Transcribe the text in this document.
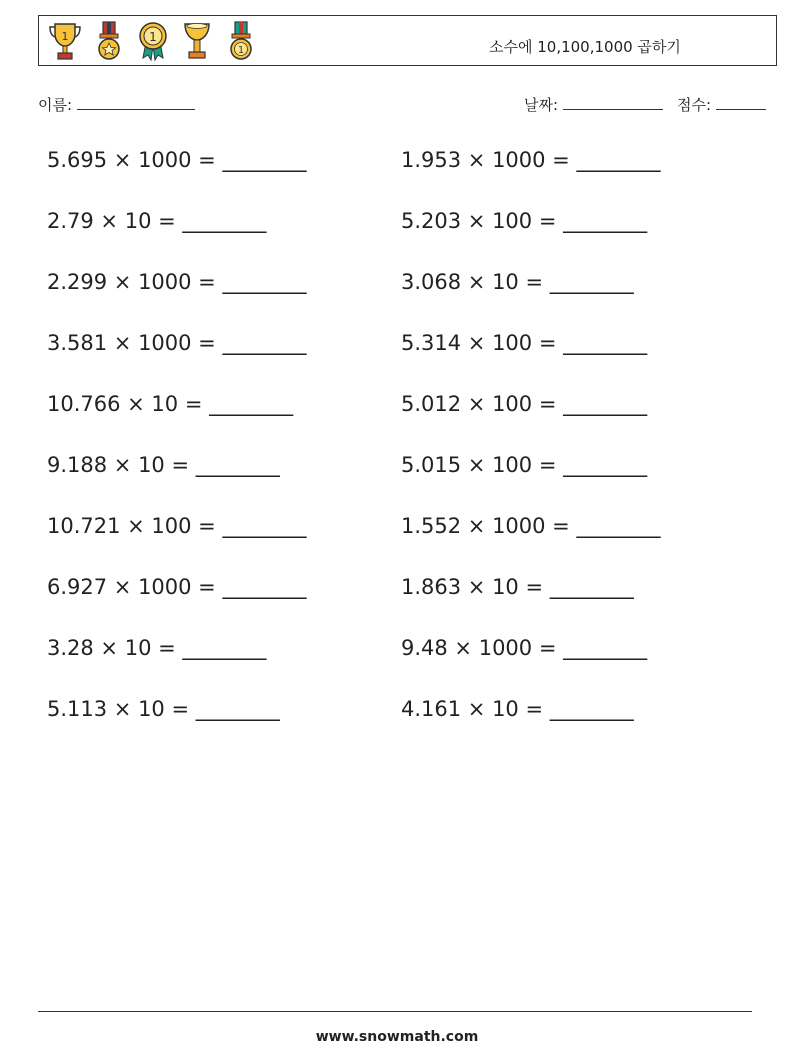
1	1
1	소수에 10,100,1000 곱하기
이름:	날짜:	점수:
5.695 × 1000 = ________	1.953 × 1000 = ________
2.79 × 10 = ________	5.203 × 100 = ________
2.299 × 1000 = ________	3.068 × 10 = ________
3.581 × 1000 = ________	5.314 × 100 = ________
10.766 × 10 = ________	5.012 × 100 = ________
9.188 × 10 = ________	5.015 × 100 = ________
10.721 × 100 = ________	1.552 × 1000 = ________
6.927 × 1000 = ________	1.863 × 10 = ________
3.28 × 10 = ________	9.48 × 1000 = ________
5.113 × 10 = ________	4.161 × 10 = ________
www.snowmath.com
